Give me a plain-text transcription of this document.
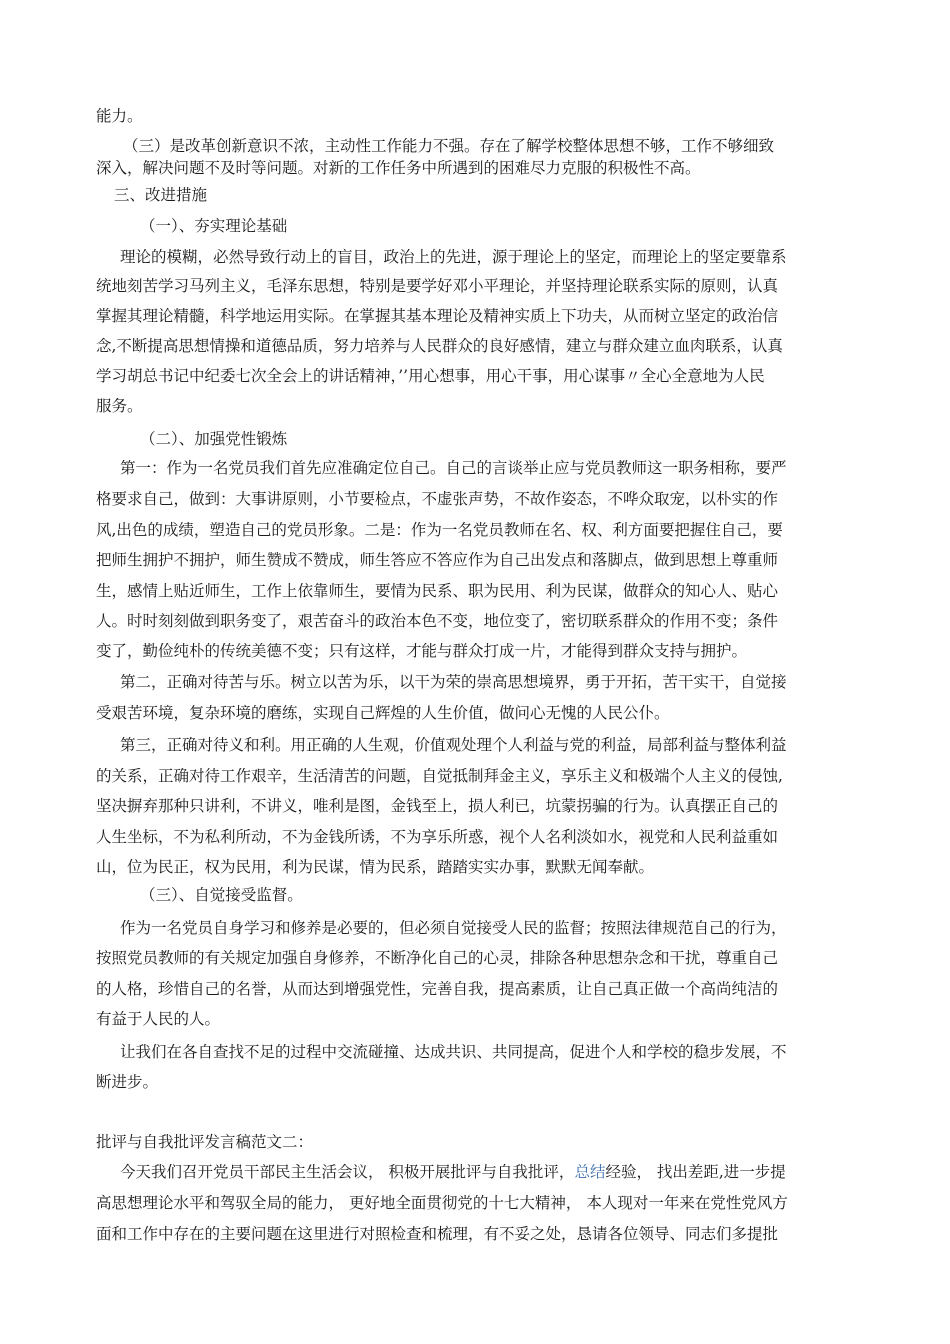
能力。
（三）是改革创新意识不浓，主动性工作能力不强。存在了解学校整体思想不够，工作不够细致
深入，解决问题不及时等问题。对新的工作任务中所遇到的困难尽力克服的积极性不高。
三、改进措施
（一）、夯实理论基础
理论的模糊，必然导致行动上的盲目，政治上的先进，源于理论上的坚定，而理论上的坚定要靠系
统地刻苦学习马列主义，毛泽东思想，特别是要学好邓小平理论，并坚持理论联系实际的原则，认真
掌握其理论精髓，科学地运用实际。在掌握其基本理论及精神实质上下功夫，从而树立坚定的政治信
念,不断提高思想情操和道德品质，努力培养与人民群众的良好感情，建立与群众建立血肉联系，认真
学习胡总书记中纪委七次全会上的讲话精神，’’用心想事，用心干事，用心谋事〃全心全意地为人民
服务。
（二）、加强党性锻炼
第一：作为一名党员我们首先应准确定位自己。自己的言谈举止应与党员教师这一职务相称，要严
格要求自己，做到：大事讲原则，小节要检点，不虚张声势，不故作姿态，不哗众取宠，以朴实的作
风,出色的成绩，塑造自己的党员形象。二是：作为一名党员教师在名、权、利方面要把握住自己，要
把师生拥护不拥护，师生赞成不赞成，师生答应不答应作为自己出发点和落脚点，做到思想上尊重师
生，感情上贴近师生，工作上依靠师生，要情为民系、职为民用、利为民谋，做群众的知心人、贴心
人。时时刻刻做到职务变了，艰苦奋斗的政治本色不变，地位变了，密切联系群众的作用不变；条件
变了，勤俭纯朴的传统美德不变；只有这样，才能与群众打成一片，才能得到群众支持与拥护。
第二，正确对待苦与乐。树立以苦为乐，以干为荣的崇高思想境界，勇于开拓，苦干实干，自觉接
受艰苦环境，复杂环境的磨练，实现自己辉煌的人生价值，做问心无愧的人民公仆。
第三，正确对待义和利。用正确的人生观，价值观处理个人利益与党的利益，局部利益与整体利益
的关系，正确对待工作艰辛，生活清苦的问题，自觉抵制拜金主义，享乐主义和极端个人主义的侵蚀,
坚决摒弃那种只讲利，不讲义，唯利是图，金钱至上，损人利已，坑蒙拐骗的行为。认真摆正自己的
人生坐标，不为私利所动，不为金钱所诱，不为享乐所惑，视个人名利淡如水，视党和人民利益重如
山，位为民正，权为民用，利为民谋，情为民系，踏踏实实办事，默默无闻奉献。
（三）、自觉接受监督。
作为一名党员自身学习和修养是必要的，但必须自觉接受人民的监督；按照法律规范自己的行为，
按照党员教师的有关规定加强自身修养，不断净化自己的心灵，排除各种思想杂念和干扰，尊重自己
的人格，珍惜自己的名誉，从而达到增强党性，完善自我，提高素质，让自己真正做一个高尚纯洁的
有益于人民的人。
让我们在各自查找不足的过程中交流碰撞、达成共识、共同提高，促进个人和学校的稳步发展，不
断进步。
批评与自我批评发言稿范文二：
今天我们召开党员干部民主生活会议， 积极开展批评与自我批评，总结经验， 找出差距,进一步提
高思想理论水平和驾驭全局的能力， 更好地全面贯彻党的十七大精神， 本人现对一年来在党性党风方
面和工作中存在的主要问题在这里进行对照检查和梳理，有不妥之处，恳请各位领导、同志们多提批
